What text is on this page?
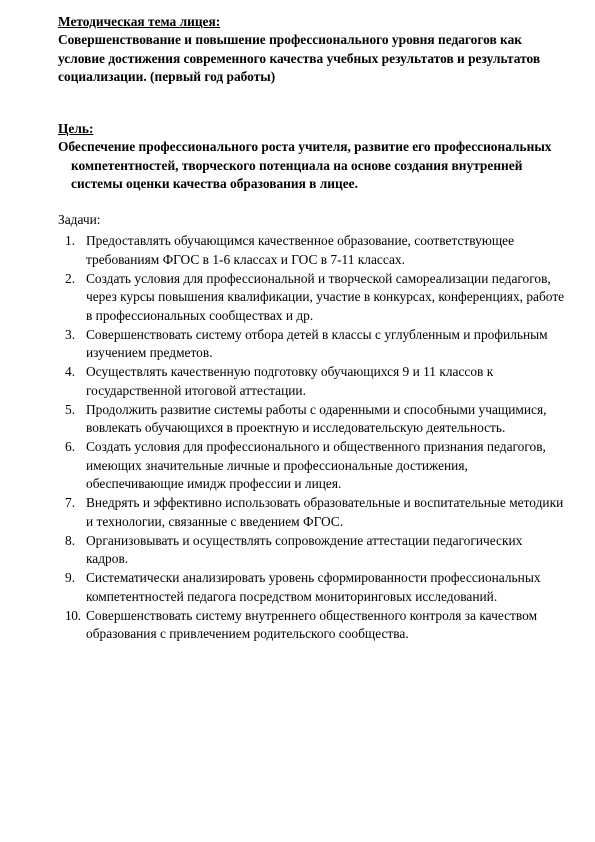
Методическая тема лицея:
Совершенствование и повышение профессионального уровня педагогов как условие достижения современного качества учебных результатов и результатов социализации. (первый год работы)
Цель:
Обеспечение профессионального роста учителя, развитие его профессиональных компетентностей, творческого потенциала на основе создания внутренней системы оценки качества образования в лицее.
Задачи:
1. Предоставлять обучающимся качественное образование, соответствующее требованиям ФГОС в 1-6 классах и ГОС в 7-11 классах.
2. Создать условия для профессиональной и творческой самореализации педагогов, через курсы повышения квалификации, участие в конкурсах, конференциях, работе в профессиональных сообществах и др.
3. Совершенствовать систему отбора детей в классы с углубленным и профильным изучением предметов.
4. Осуществлять качественную подготовку обучающихся 9 и 11 классов к государственной итоговой аттестации.
5. Продолжить развитие системы работы с одаренными и способными учащимися, вовлекать обучающихся в проектную и исследовательскую деятельность.
6. Создать условия для профессионального и общественного признания педагогов, имеющих значительные личные и профессиональные достижения, обеспечивающие имидж профессии и лицея.
7. Внедрять и эффективно использовать образовательные и воспитательные методики и технологии, связанные с введением ФГОС.
8. Организовывать и осуществлять сопровождение аттестации педагогических кадров.
9. Систематически анализировать уровень сформированности профессиональных компетентностей педагога посредством мониторинговых исследований.
10. Совершенствовать систему внутреннего общественного контроля за качеством образования с привлечением родительского сообщества.
